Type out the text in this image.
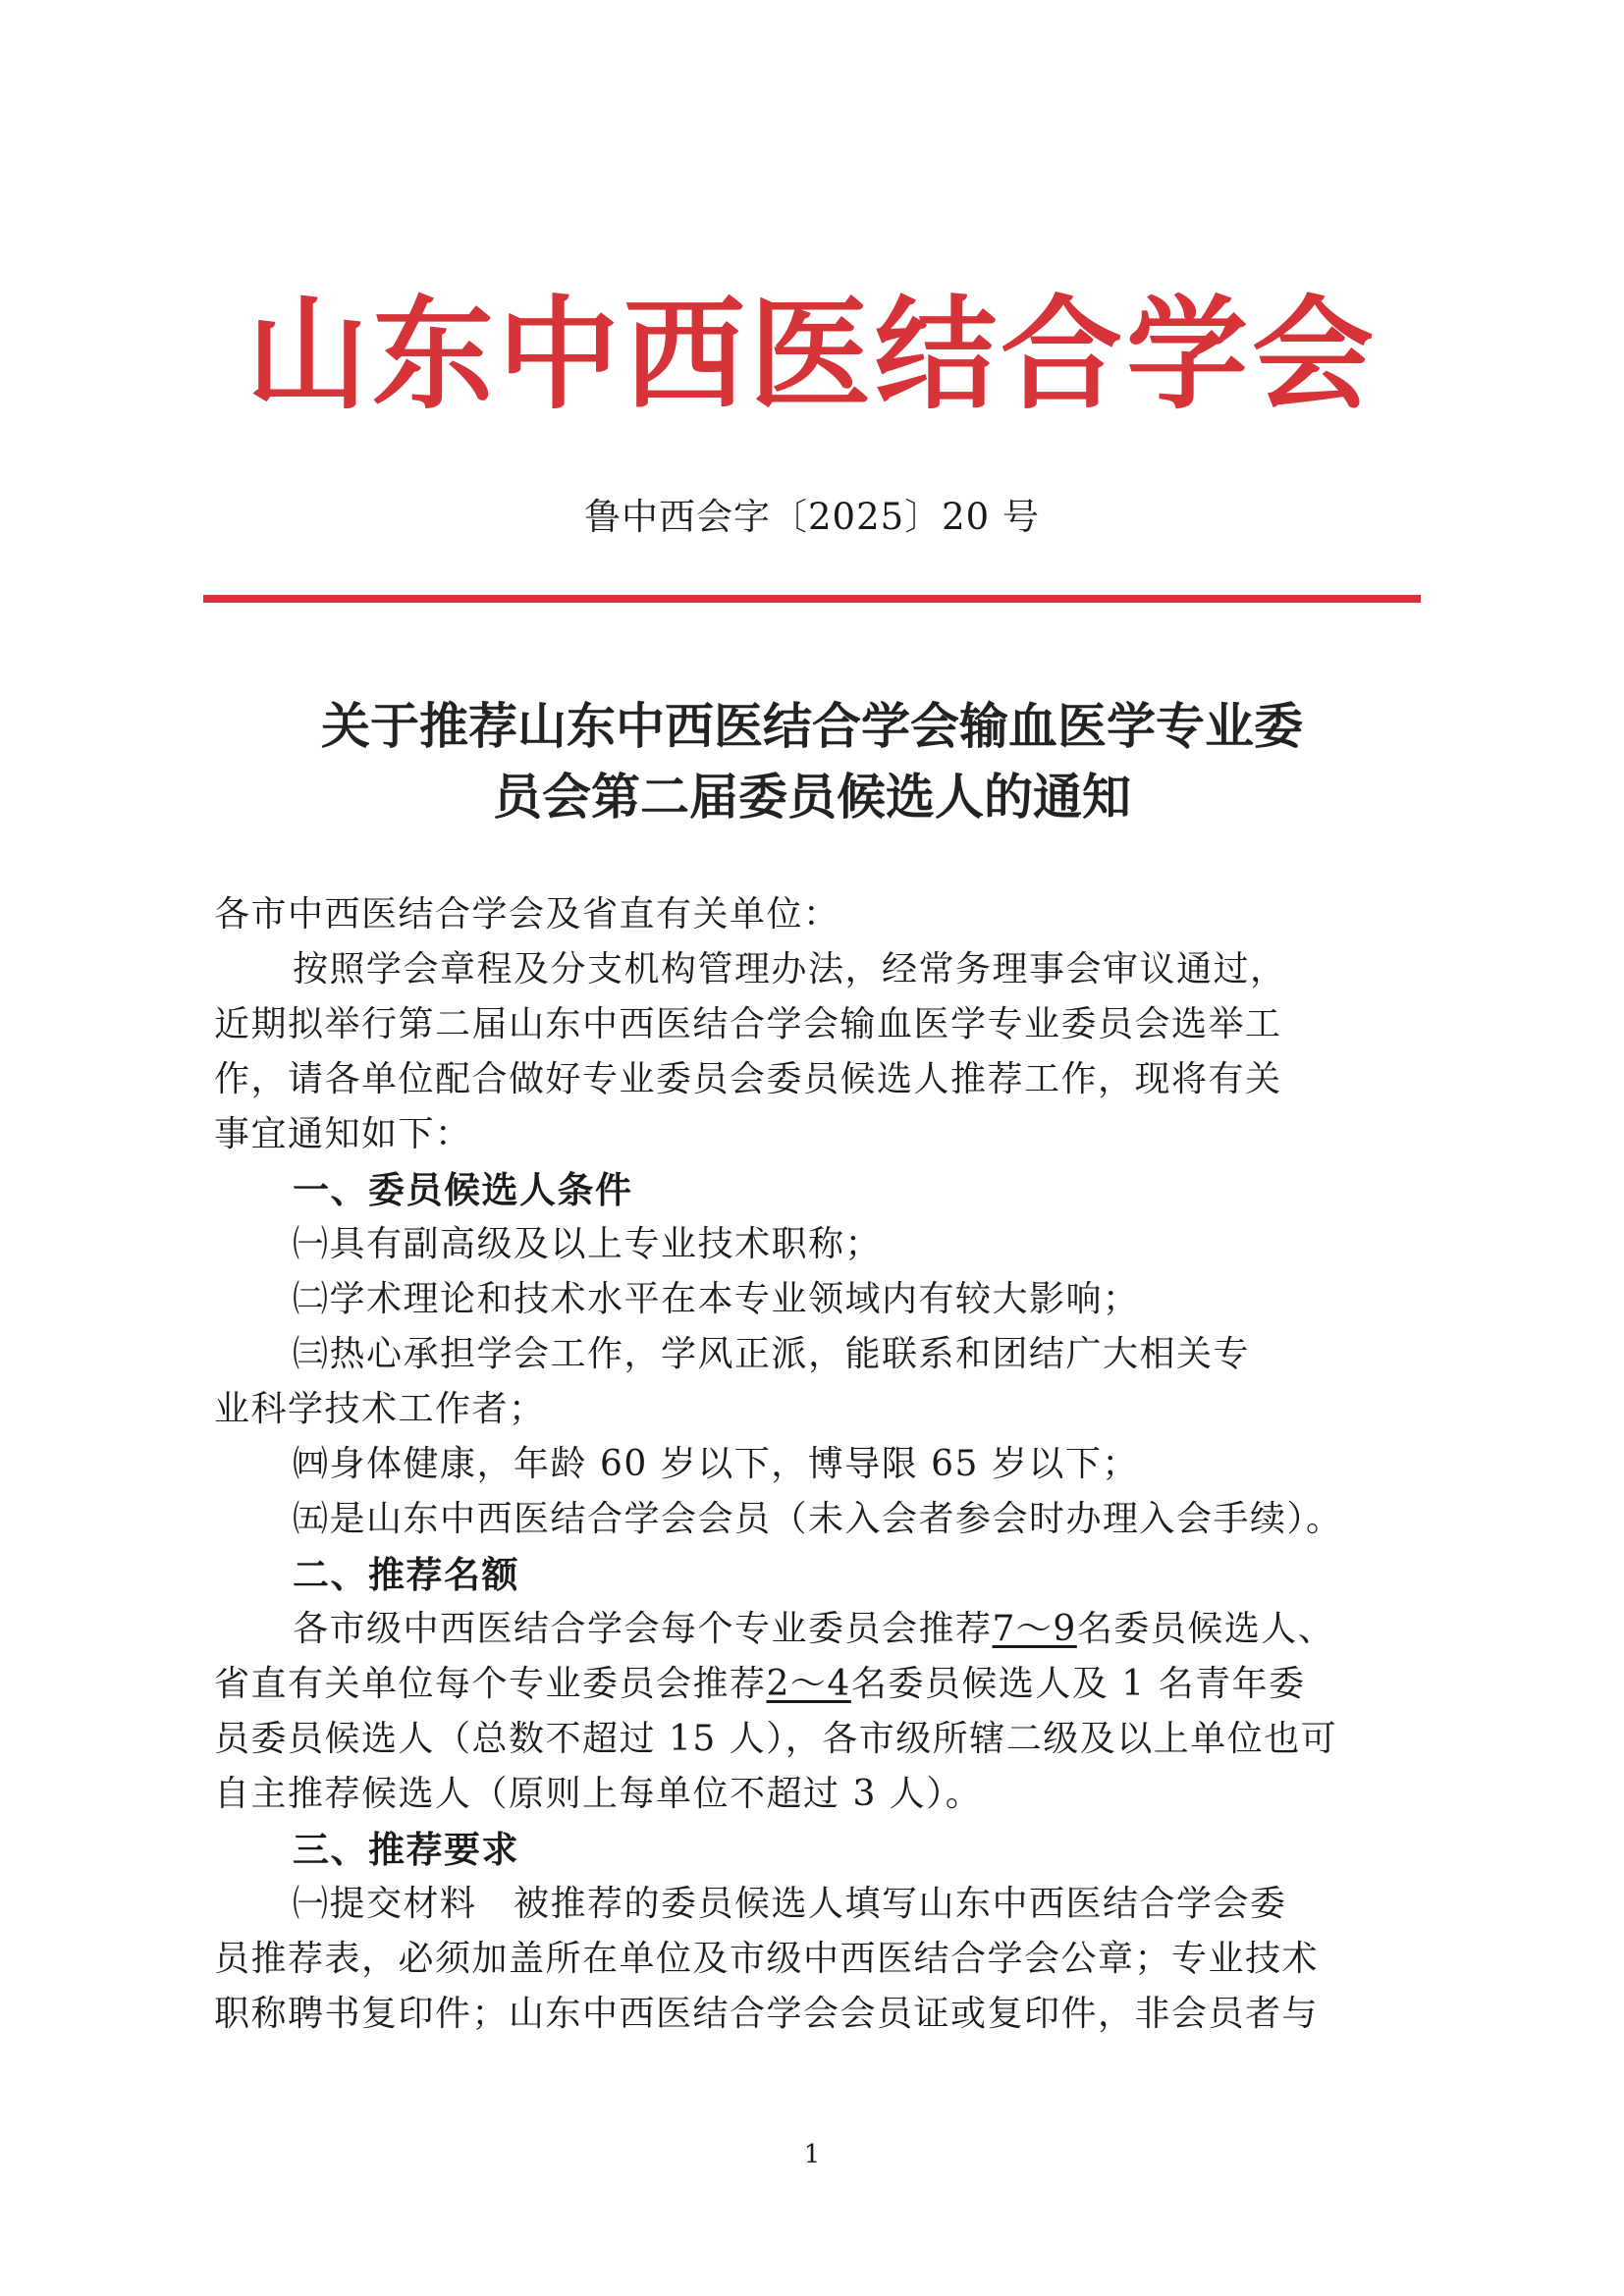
山东中西医结合学会
鲁中西会字〔2025〕20 号
关于推荐山东中西医结合学会输血医学专业委
员会第二届委员候选人的通知
各市中西医结合学会及省直有关单位：
按照学会章程及分支机构管理办法，经常务理事会审议通过，
近期拟举行第二届山东中西医结合学会输血医学专业委员会选举工
作，请各单位配合做好专业委员会委员候选人推荐工作，现将有关
事宜通知如下：
一、委员候选人条件
㈠具有副高级及以上专业技术职称；
㈡学术理论和技术水平在本专业领域内有较大影响；
㈢热心承担学会工作，学风正派，能联系和团结广大相关专
业科学技术工作者；
㈣身体健康，年龄 60 岁以下，博导限 65 岁以下；
㈤是山东中西医结合学会会员（未入会者参会时办理入会手续）。
二、推荐名额
各市级中西医结合学会每个专业委员会推荐7～9名委员候选人、
省直有关单位每个专业委员会推荐2～4名委员候选人及 1 名青年委
员委员候选人（总数不超过 15 人），各市级所辖二级及以上单位也可
自主推荐候选人（原则上每单位不超过 3 人）。
三、推荐要求
㈠提交材料　被推荐的委员候选人填写山东中西医结合学会委
员推荐表，必须加盖所在单位及市级中西医结合学会公章；专业技术
职称聘书复印件；山东中西医结合学会会员证或复印件，非会员者与
1
